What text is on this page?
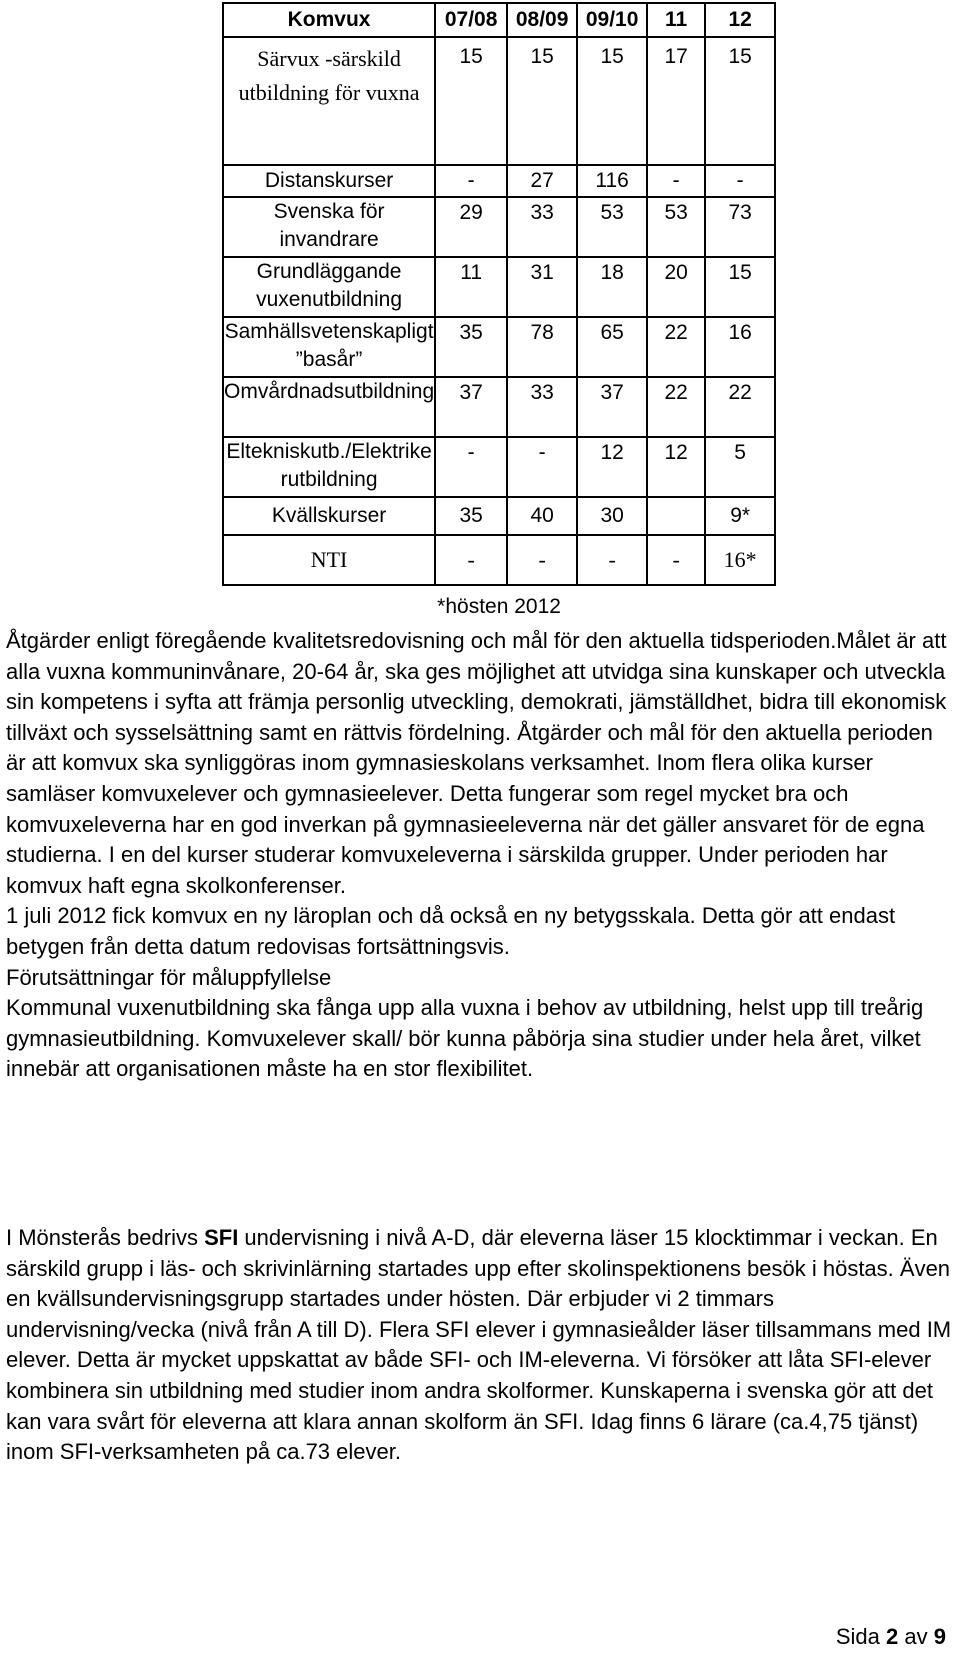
Komvux	07/08	08/09	09/10	11	12
Särvux -särskild utbildning för vuxna	15	15	15	17	15
Distanskurser	-	27	116	-	-
Svenska för invandrare	29	33	53	53	73
Grundläggande vuxenutbildning	11	31	18	20	15
Samhällsvetenskapligt ”basår”	35	78	65	22	16
Omvårdnadsutbildning	37	33	37	22	22
Eltekniskutb./Elektrikerutbildning	-	-	12	12	5
Kvällskurser	35	40	30		9*
NTI	-	-	-	-	16*
*hösten 2012					
Åtgärder enligt föregående kvalitetsredovisning och mål för den aktuella tidsperioden.Målet är att alla vuxna kommuninvånare, 20-64 år, ska ges möjlighet att utvidga sina kunskaper och utveckla sin kompetens i syfta att främja personlig utveckling, demokrati, jämställdhet, bidra till ekonomisk tillväxt och sysselsättning samt en rättvis fördelning. Åtgärder och mål för den aktuella perioden är att komvux ska synliggöras inom gymnasieskolans verksamhet. Inom flera olika kurser samläser komvuxelever och gymnasieelever. Detta fungerar som regel mycket bra och komvuxeleverna har en god inverkan på gymnasieeleverna när det gäller ansvaret för de egna studierna. I en del kurser studerar komvuxeleverna i särskilda grupper. Under perioden har komvux haft egna skolkonferenser.
1 juli 2012 fick komvux en ny läroplan och då också en ny betygsskala. Detta gör att endast betygen från detta datum redovisas fortsättningsvis.
Förutsättningar för måluppfyllelse
Kommunal vuxenutbildning ska fånga upp alla vuxna i behov av utbildning, helst upp till treårig gymnasieutbildning. Komvuxelever skall/ bör kunna påbörja sina studier under hela året, vilket innebär att organisationen måste ha en stor flexibilitet.
I Mönsterås bedrivs SFI undervisning i nivå A-D, där eleverna läser 15 klocktimmar i veckan. En särskild grupp i läs- och skrivinlärning startades upp efter skolinspektionens besök i höstas. Även en kvällsundervisningsgrupp startades under hösten. Där erbjuder vi 2 timmars undervisning/vecka (nivå från A till D). Flera SFI elever i gymnasieålder läser tillsammans med IM elever. Detta är mycket uppskattat av både SFI- och IM-eleverna. Vi försöker att låta SFI-elever kombinera sin utbildning med studier inom andra skolformer. Kunskaperna i svenska gör att det kan vara svårt för eleverna att klara annan skolform än SFI. Idag finns 6 lärare (ca.4,75 tjänst) inom SFI-verksamheten på ca.73 elever.
Sida 2 av 9
